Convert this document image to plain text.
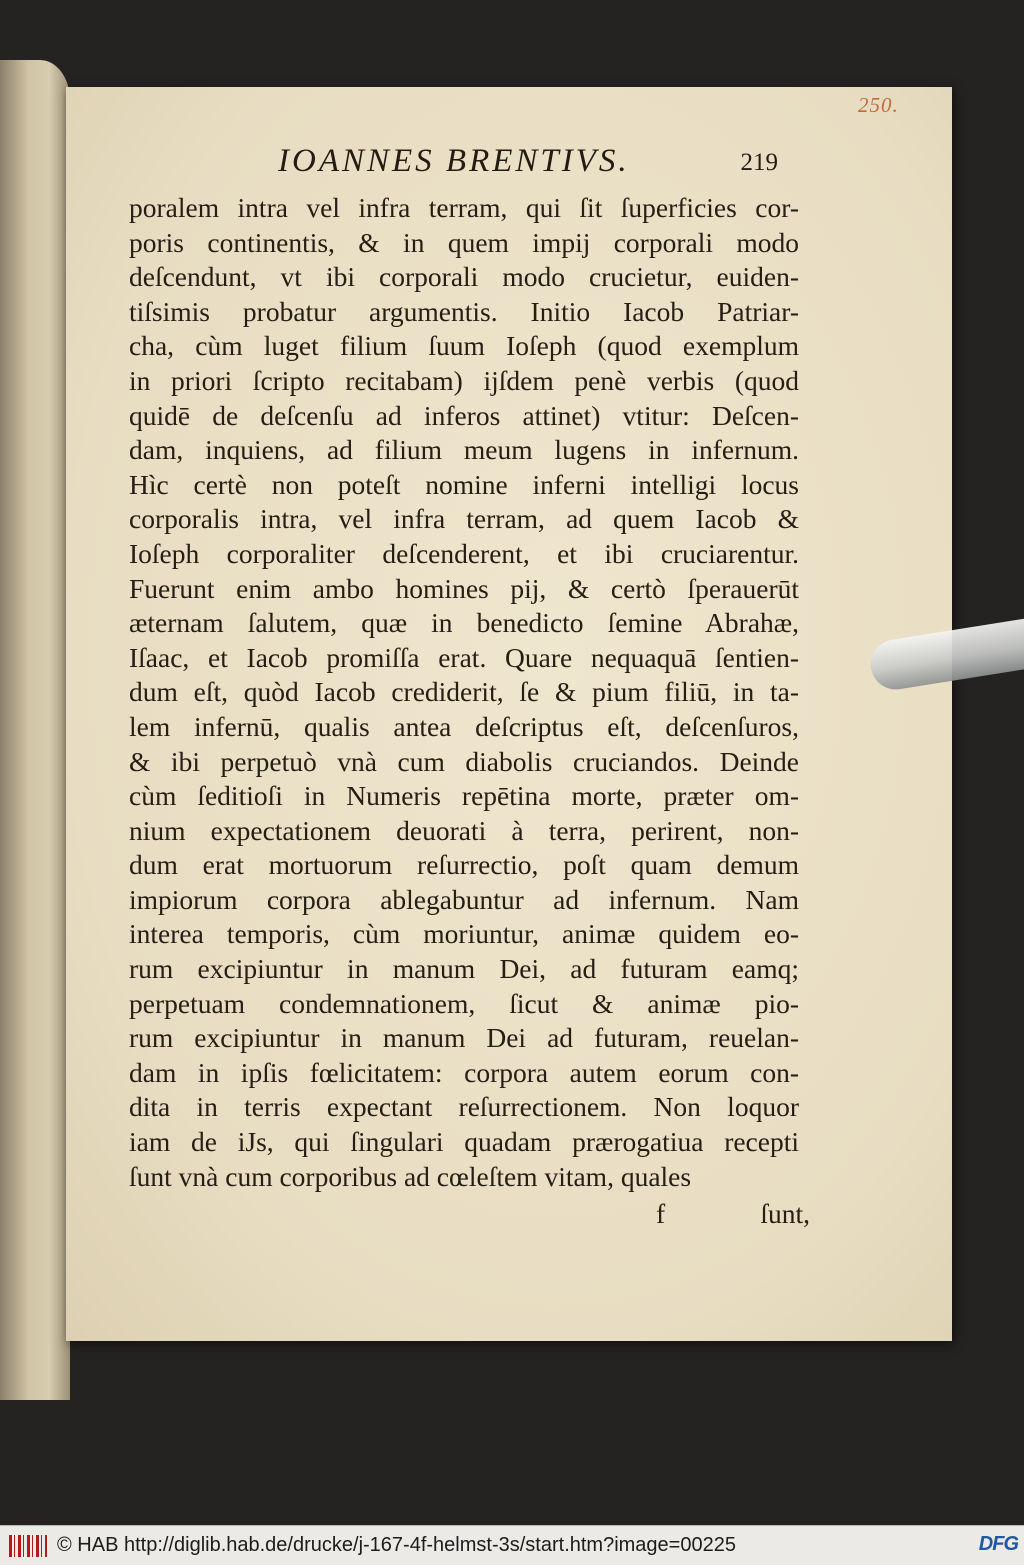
250.
IOANNES BRENTIVS.	219
poralem intra vel infra terram, qui ſit ſuperficies cor-
poris continentis, & in quem impij corporali modo
deſcendunt, vt ibi corporali modo crucietur, euiden-
tiſsimis probatur argumentis. Initio Iacob Patriar-
cha, cùm luget filium ſuum Ioſeph (quod exemplum
in priori ſcripto recitabam) ijſdem penè verbis (quod
quidē de deſcenſu ad inferos attinet) vtitur: Deſcen-
dam, inquiens, ad filium meum lugens in infernum.
Hìc certè non poteſt nomine inferni intelligi locus
corporalis intra, vel infra terram, ad quem Iacob &
Ioſeph corporaliter deſcenderent, et ibi cruciarentur.
Fuerunt enim ambo homines pij, & certò ſperauerūt
æternam ſalutem, quæ in benedicto ſemine Abrahæ,
Iſaac, et Iacob promiſſa erat. Quare nequaquā ſentien-
dum eſt, quòd Iacob crediderit, ſe & pium filiū, in ta-
lem infernū, qualis antea deſcriptus eſt, deſcenſuros,
& ibi perpetuò vnà cum diabolis cruciandos. Deinde
cùm ſeditioſi in Numeris repētina morte, præter om-
nium expectationem deuorati à terra, perirent, non-
dum erat mortuorum reſurrectio, poſt quam demum
impiorum corpora ablegabuntur ad infernum. Nam
interea temporis, cùm moriuntur, animæ quidem eo-
rum excipiuntur in manum Dei, ad futuram eamq;
perpetuam condemnationem, ſicut & animæ pio-
rum excipiuntur in manum Dei ad futuram, reuelan-
dam in ipſis fœlicitatem: corpora autem eorum con-
dita in terris expectant reſurrectionem. Non loquor
iam de iJs, qui ſingulari quadam prærogatiua recepti
ſunt vnà cum corporibus ad cœleſtem vitam, quales
f	ſunt,
© HAB http://diglib.hab.de/drucke/j-167-4f-helmst-3s/start.htm?image=00225	DFG
